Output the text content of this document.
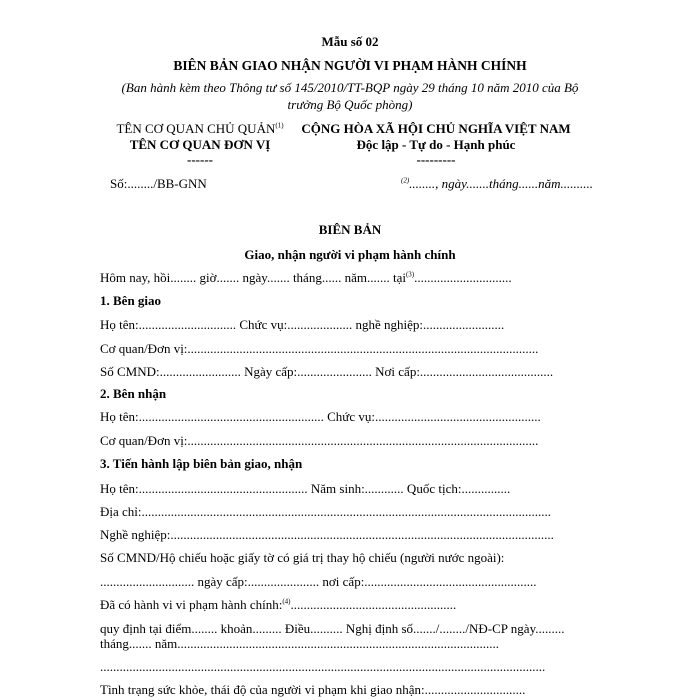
Mẫu số 02
BIÊN BẢN GIAO NHẬN NGƯỜI VI PHẠM HÀNH CHÍNH
(Ban hành kèm theo Thông tư số 145/2010/TT-BQP ngày 29 tháng 10 năm 2010 của Bộ
trưởng Bộ Quốc phòng)
TÊN CƠ QUAN CHỦ QUẢN$^{(1)}$
TÊN CƠ QUAN ĐƠN VỊ
------
Số:......../BB-GNN
CỘNG HÒA XÃ HỘI CHỦ NGHĨA VIỆT NAM
Độc lập - Tự do - Hạnh phúc
---------
$^{(2)}$........, ngày.......tháng......năm..........
BIÊN BẢN
Giao, nhận người vi phạm hành chính
Hôm nay, hồi........ giờ....... ngày....... tháng...... năm....... tại$^{(3)}$..............................
1. Bên giao
Họ tên:.............................. Chức vụ:.................... nghề nghiệp:.........................
Cơ quan/Đơn vị:............................................................................................................
Số CMND:......................... Ngày cấp:....................... Nơi cấp:.........................................
2. Bên nhận
Họ tên:......................................................... Chức vụ:...................................................
Cơ quan/Đơn vị:............................................................................................................
3. Tiến hành lập biên bản giao, nhận
Họ tên:.................................................... Năm sinh:............ Quốc tịch:...............
Địa chỉ:..............................................................................................................................
Nghề nghiệp:......................................................................................................................
Số CMND/Hộ chiếu hoặc giấy tờ có giá trị thay hộ chiếu (người nước ngoài):
............................. ngày cấp:...................... nơi cấp:.....................................................
Đã có hành vi vi phạm hành chính:$^{(4)}$...................................................
quy định tại điểm........ khoản......... Điều.......... Nghị định số......./......../NĐ-CP ngày.........
tháng....... năm...................................................................................................
.........................................................................................................................................
Tình trạng sức khỏe, thái độ của người vi phạm khi giao nhận:...............................
